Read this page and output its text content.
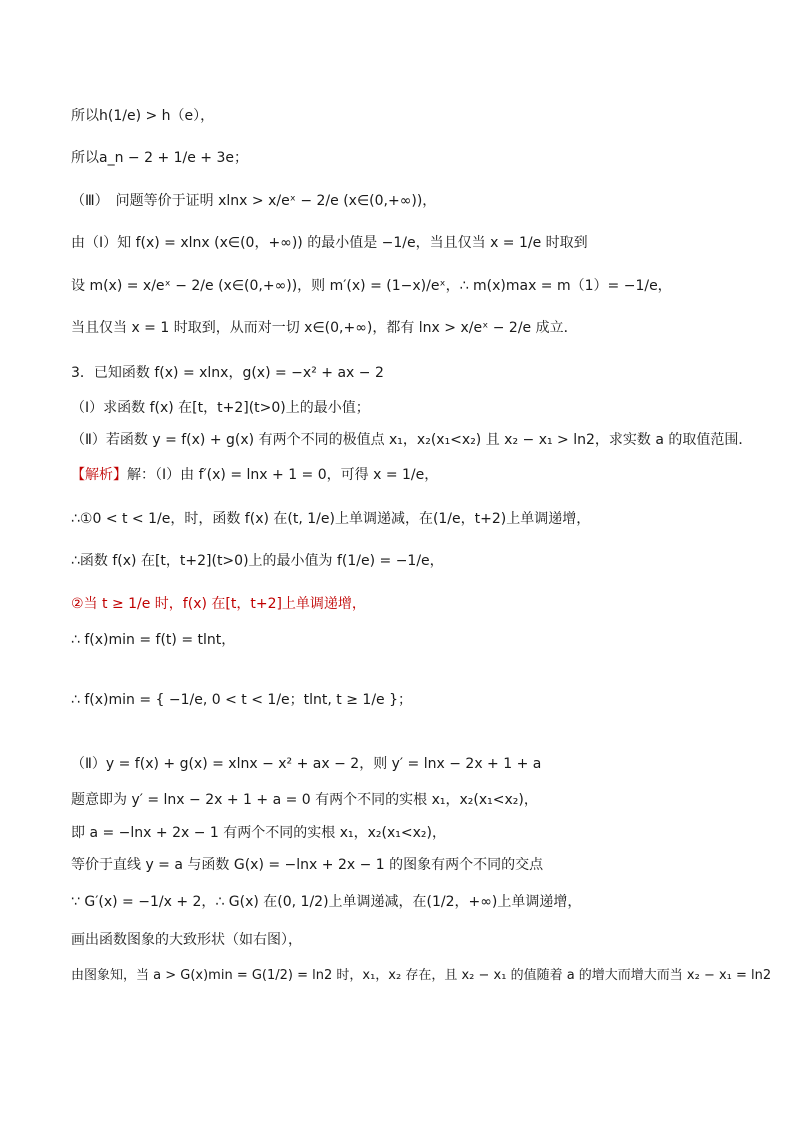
所以h(1/e) > h（e），
所以a_n − 2 + 1/e + 3e；
（Ⅲ）　问题等价于证明 xlnx > x/eˣ − 2/e (x∈(0,+∞))，
由（Ⅰ）知 f(x) = xlnx (x∈(0，+∞)) 的最小值是 −1/e，当且仅当 x = 1/e 时取到
设 m(x) = x/eˣ − 2/e (x∈(0,+∞))，则 m′(x) = (1−x)/eˣ，∴ m(x)max = m（1）= −1/e，
当且仅当 x = 1 时取到，从而对一切 x∈(0,+∞)，都有 lnx > x/eˣ − 2/e 成立．
3．已知函数 f(x) = xlnx，g(x) = −x² + ax − 2
（Ⅰ）求函数 f(x) 在[t，t+2](t>0)上的最小值；
（Ⅱ）若函数 y = f(x) + g(x) 有两个不同的极值点 x₁，x₂(x₁<x₂) 且 x₂ − x₁ > ln2，求实数 a 的取值范围．
【解析】解：（Ⅰ）由 f′(x) = lnx + 1 = 0，可得 x = 1/e，
∴①0 < t < 1/e，时，函数 f(x) 在(t, 1/e)上单调递减，在(1/e，t+2)上单调递增，
∴函数 f(x) 在[t，t+2](t>0)上的最小值为 f(1/e) = −1/e，
②当 t ≥ 1/e 时，f(x) 在[t，t+2]上单调递增，
∴ f(x)min = f(t) = tlnt，
∴ f(x)min = { −1/e, 0 < t < 1/e；tlnt, t ≥ 1/e }；
（Ⅱ）y = f(x) + g(x) = xlnx − x² + ax − 2，则 y′ = lnx − 2x + 1 + a
题意即为 y′ = lnx − 2x + 1 + a = 0 有两个不同的实根 x₁，x₂(x₁<x₂)，
即 a = −lnx + 2x − 1 有两个不同的实根 x₁，x₂(x₁<x₂)，
等价于直线 y = a 与函数 G(x) = −lnx + 2x − 1 的图象有两个不同的交点
∵ G′(x) = −1/x + 2，∴ G(x) 在(0, 1/2)上单调递减，在(1/2，+∞)上单调递增，
画出函数图象的大致形状（如右图），
由图象知，当 a > G(x)min = G(1/2) = ln2 时，x₁，x₂ 存在，且 x₂ − x₁ 的值随着 a 的增大而增大而当 x₂ − x₁ = ln2
